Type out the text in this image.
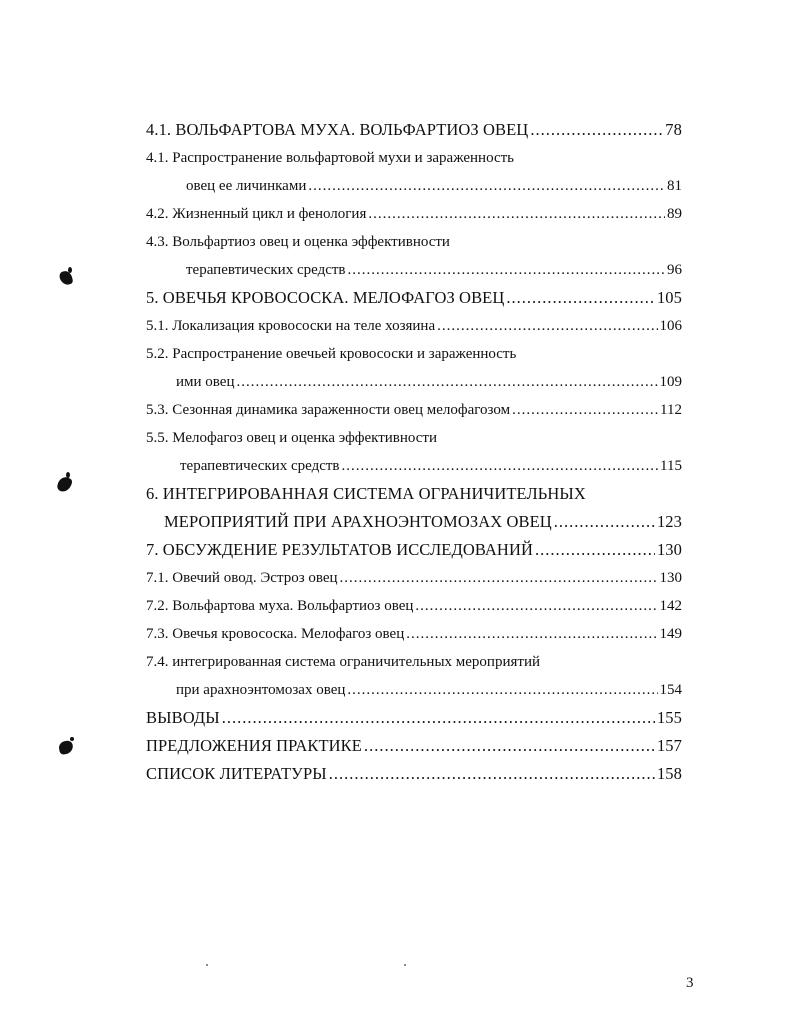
4.1. ВОЛЬФАРТОВА МУХА. ВОЛЬФАРТИОЗ ОВЕЦ .....	78
4.1. Распространение вольфартовой мухи и зараженность
овец ее личинками .....	81
4.2. Жизненный цикл и фенология .....	89
4.3. Вольфартиоз овец и оценка эффективности
терапевтических средств .....	96
5. ОВЕЧЬЯ КРОВОСОСКА. МЕЛОФАГОЗ ОВЕЦ .....	105
5.1. Локализация кровососки на теле хозяина .....	106
5.2. Распространение овечьей кровососки и зараженность
ими овец .....	109
5.3. Сезонная динамика зараженности овец мелофагозом .....	112
5.5. Мелофагоз овец и оценка эффективности
терапевтических средств .....	115
6. ИНТЕГРИРОВАННАЯ СИСТЕМА ОГРАНИЧИТЕЛЬНЫХ
МЕРОПРИЯТИЙ ПРИ АРАХНОЭНТОМОЗАХ ОВЕЦ .....	123
7. ОБСУЖДЕНИЕ РЕЗУЛЬТАТОВ ИССЛЕДОВАНИЙ .....	130
7.1. Овечий овод. Эстроз овец .....	130
7.2. Вольфартова муха. Вольфартиоз овец .....	142
7.3. Овечья кровососка. Мелофагоз овец .....	149
7.4. интегрированная система ограничительных мероприятий
при арахноэнтомозах овец .....	154
ВЫВОДЫ .....	155
ПРЕДЛОЖЕНИЯ ПРАКТИКЕ .....	157
СПИСОК ЛИТЕРАТУРЫ .....	158
3
